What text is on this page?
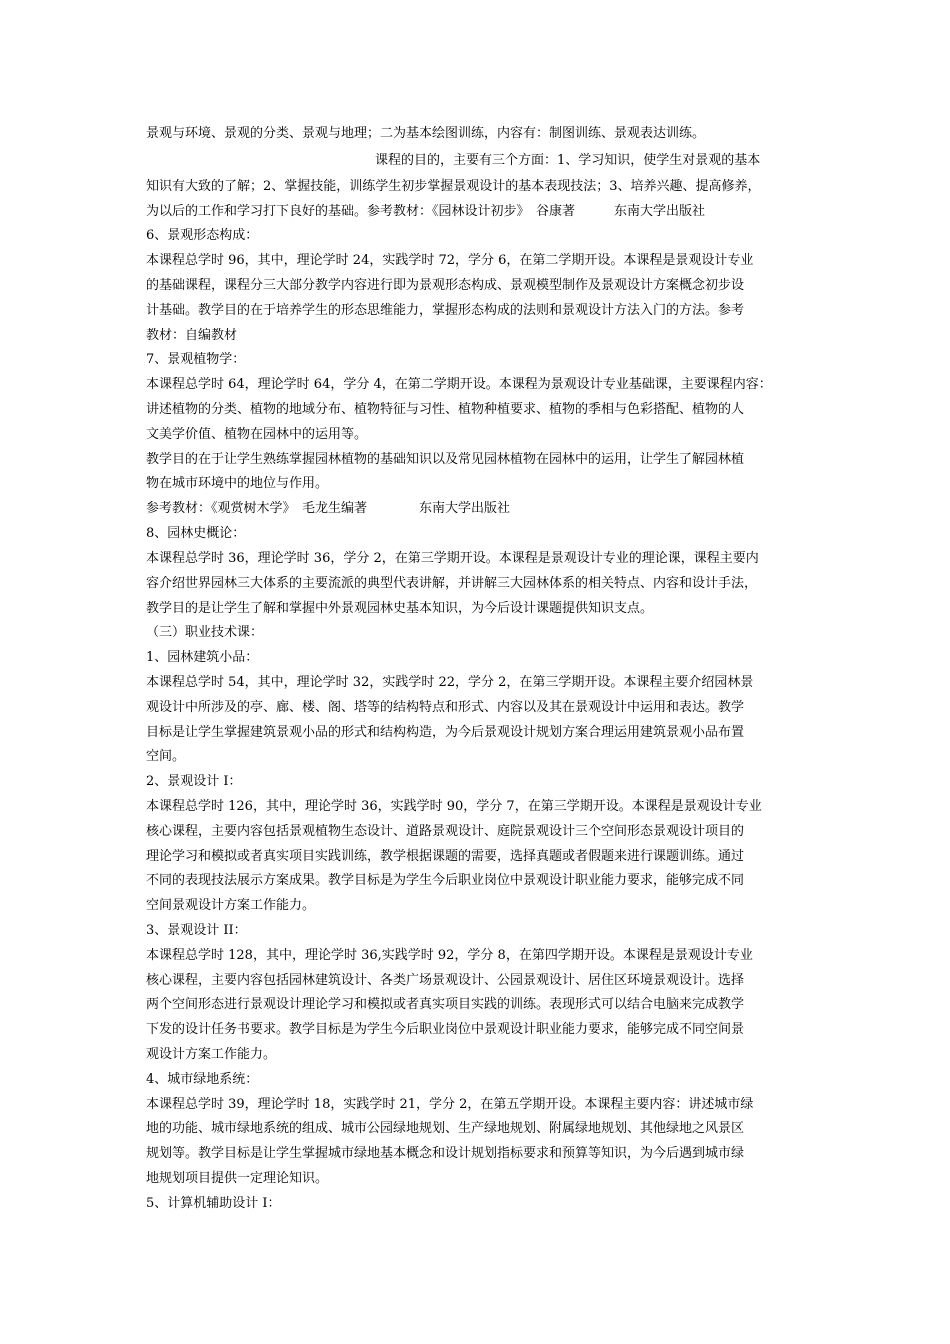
景观与环境、景观的分类、景观与地理；二为基本绘图训练，内容有：制图训练、景观表达训练。
课程的目的，主要有三个方面：1、学习知识，使学生对景观的基本
知识有大致的了解；2、掌握技能，训练学生初步掌握景观设计的基本表现技法；3、培养兴趣、提高修养，
为以后的工作和学习打下良好的基础。参考教材：《园林设计初步》　谷康著　　　东南大学出版社
6、景观形态构成：
本课程总学时 96，其中，理论学时 24，实践学时 72，学分 6，在第二学期开设。本课程是景观设计专业
的基础课程，课程分三大部分教学内容进行即为景观形态构成、景观模型制作及景观设计方案概念初步设
计基础。教学目的在于培养学生的形态思维能力，掌握形态构成的法则和景观设计方法入门的方法。参考
教材：自编教材
7、景观植物学：
本课程总学时 64，理论学时 64，学分 4，在第二学期开设。本课程为景观设计专业基础课，主要课程内容：
讲述植物的分类、植物的地域分布、植物特征与习性、植物种植要求、植物的季相与色彩搭配、植物的人
文美学价值、植物在园林中的运用等。
教学目的在于让学生熟练掌握园林植物的基础知识以及常见园林植物在园林中的运用，让学生了解园林植
物在城市环境中的地位与作用。
参考教材：《观赏树木学》　毛龙生编著　　　　东南大学出版社
8、园林史概论：
本课程总学时 36，理论学时 36，学分 2，在第三学期开设。本课程是景观设计专业的理论课，课程主要内
容介绍世界园林三大体系的主要流派的典型代表讲解，并讲解三大园林体系的相关特点、内容和设计手法，
教学目的是让学生了解和掌握中外景观园林史基本知识，为今后设计课题提供知识支点。
（三）职业技术课：
1、园林建筑小品：
本课程总学时 54，其中，理论学时 32，实践学时 22，学分 2，在第三学期开设。本课程主要介绍园林景
观设计中所涉及的亭、廊、楼、阁、塔等的结构特点和形式、内容以及其在景观设计中运用和表达。教学
目标是让学生掌握建筑景观小品的形式和结构构造，为今后景观设计规划方案合理运用建筑景观小品布置
空间。
2、景观设计 I：
本课程总学时 126，其中，理论学时 36，实践学时 90，学分 7，在第三学期开设。本课程是景观设计专业
核心课程，主要内容包括景观植物生态设计、道路景观设计、庭院景观设计三个空间形态景观设计项目的
理论学习和模拟或者真实项目实践训练，教学根据课题的需要，选择真题或者假题来进行课题训练。通过
不同的表现技法展示方案成果。教学目标是为学生今后职业岗位中景观设计职业能力要求，能够完成不同
空间景观设计方案工作能力。
3、景观设计 II：
本课程总学时 128，其中，理论学时 36,实践学时 92，学分 8，在第四学期开设。本课程是景观设计专业
核心课程，主要内容包括园林建筑设计、各类广场景观设计、公园景观设计、居住区环境景观设计。选择
两个空间形态进行景观设计理论学习和模拟或者真实项目实践的训练。表现形式可以结合电脑来完成教学
下发的设计任务书要求。教学目标是为学生今后职业岗位中景观设计职业能力要求，能够完成不同空间景
观设计方案工作能力。
4、城市绿地系统：
本课程总学时 39，理论学时 18，实践学时 21，学分 2，在第五学期开设。本课程主要内容：讲述城市绿
地的功能、城市绿地系统的组成、城市公园绿地规划、生产绿地规划、附属绿地规划、其他绿地之风景区
规划等。教学目标是让学生掌握城市绿地基本概念和设计规划指标要求和预算等知识，为今后遇到城市绿
地规划项目提供一定理论知识。
5、计算机辅助设计 I：
